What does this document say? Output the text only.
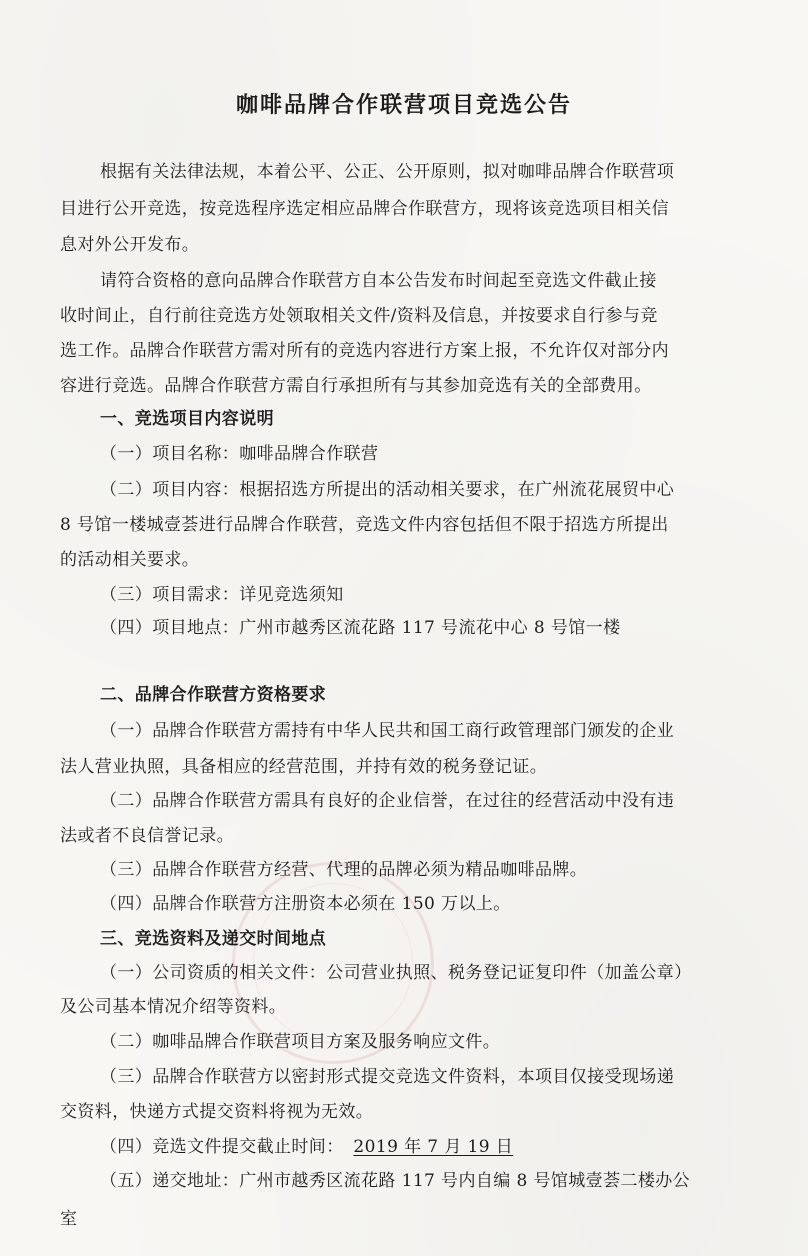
咖啡品牌合作联营项目竞选公告
根据有关法律法规，本着公平、公正、公开原则，拟对咖啡品牌合作联营项
目进行公开竞选，按竞选程序选定相应品牌合作联营方，现将该竞选项目相关信
息对外公开发布。
请符合资格的意向品牌合作联营方自本公告发布时间起至竞选文件截止接
收时间止，自行前往竞选方处领取相关文件/资料及信息，并按要求自行参与竞
选工作。品牌合作联营方需对所有的竞选内容进行方案上报，不允许仅对部分内
容进行竞选。品牌合作联营方需自行承担所有与其参加竞选有关的全部费用。
一、竞选项目内容说明
（一）项目名称：咖啡品牌合作联营
（二）项目内容：根据招选方所提出的活动相关要求，在广州流花展贸中心
8 号馆一楼城壹荟进行品牌合作联营，竞选文件内容包括但不限于招选方所提出
的活动相关要求。
（三）项目需求：详见竞选须知
（四）项目地点：广州市越秀区流花路 117 号流花中心 8 号馆一楼
二、品牌合作联营方资格要求
（一）品牌合作联营方需持有中华人民共和国工商行政管理部门颁发的企业
法人营业执照，具备相应的经营范围，并持有效的税务登记证。
（二）品牌合作联营方需具有良好的企业信誉，在过往的经营活动中没有违
法或者不良信誉记录。
（三）品牌合作联营方经营、代理的品牌必须为精品咖啡品牌。
（四）品牌合作联营方注册资本必须在 150 万以上。
三、竞选资料及递交时间地点
（一）公司资质的相关文件：公司营业执照、税务登记证复印件（加盖公章）
及公司基本情况介绍等资料。
（二）咖啡品牌合作联营项目方案及服务响应文件。
（三）品牌合作联营方以密封形式提交竞选文件资料，本项目仅接受现场递
交资料，快递方式提交资料将视为无效。
（四）竞选文件提交截止时间： 2019 年 7 月 19 日
（五）递交地址：广州市越秀区流花路 117 号内自编 8 号馆城壹荟二楼办公
室
